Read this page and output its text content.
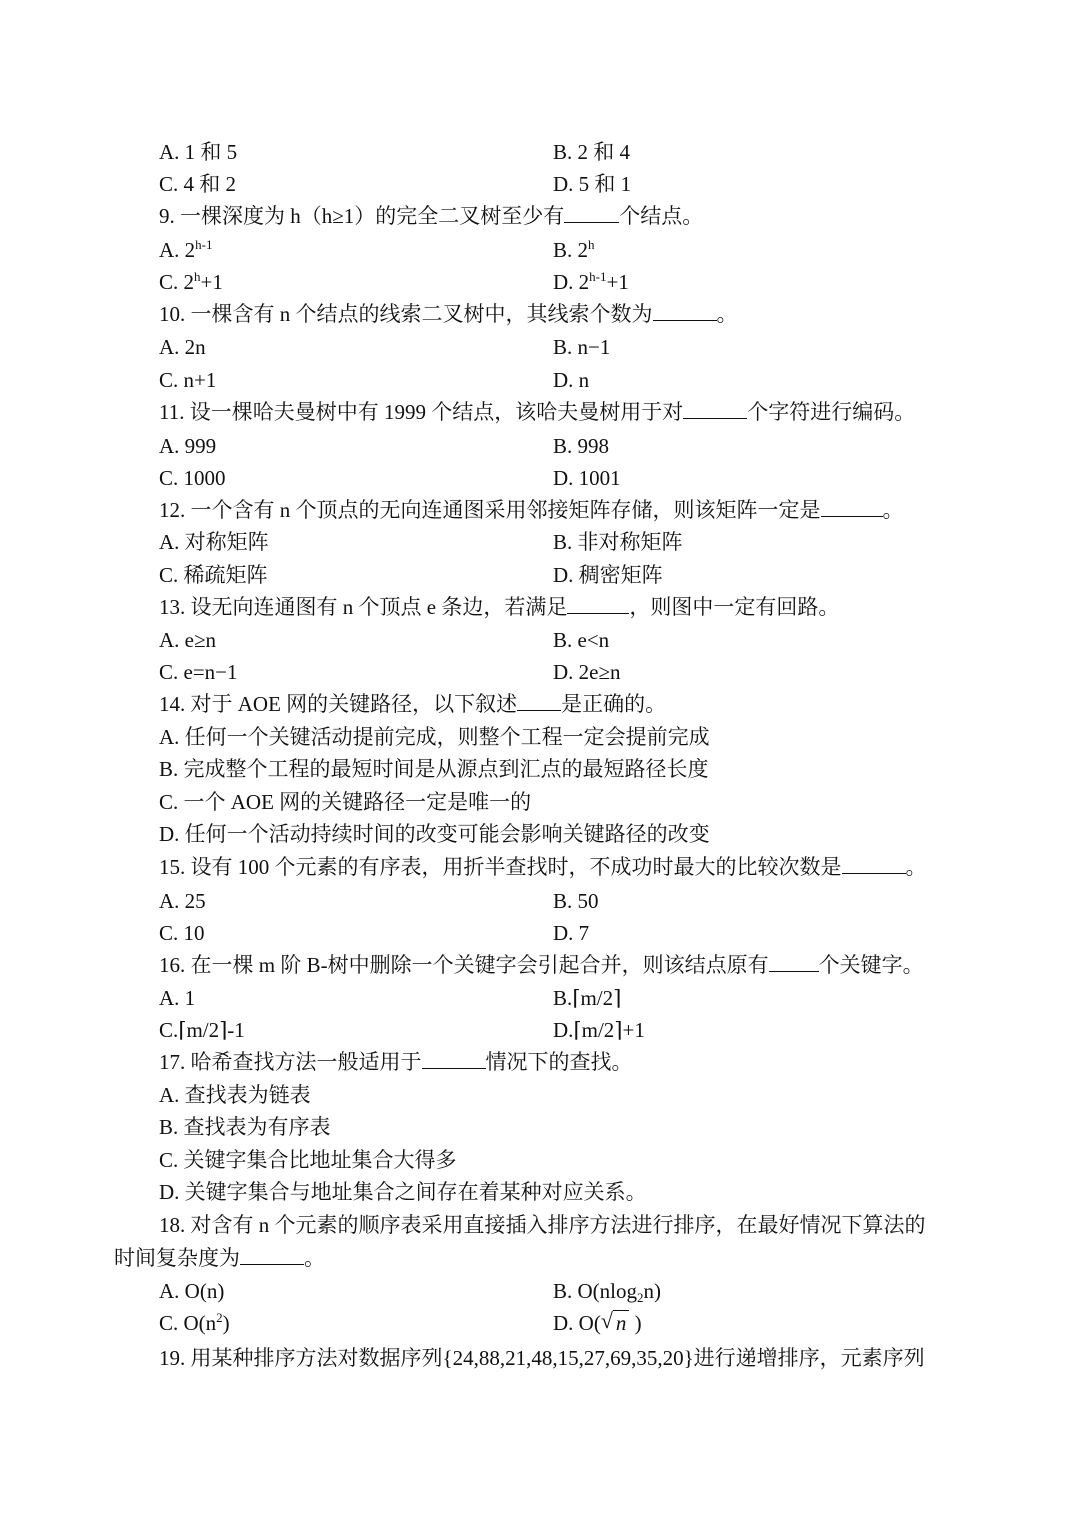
A. 1 和 5	B. 2 和 4
C. 4 和 2	D. 5 和 1
9. 一棵深度为 h（h≥1）的完全二叉树至少有	个结点。
A. 2$^{h-1}$	B. 2$^h$
C. $2^h+1$	D. $2^{h-1}+1$
10. 一棵含有 n 个结点的线索二叉树中，其线索个数为	。
A. 2n	B. n−1
C. n+1	D. n
11. 设一棵哈夫曼树中有 1999 个结点，该哈夫曼树用于对	个字符进行编码。
A. 999	B. 998
C. 1000	D. 1001
12. 一个含有 n 个顶点的无向连通图采用邻接矩阵存储，则该矩阵一定是	。
A. 对称矩阵	B. 非对称矩阵
C. 稀疏矩阵	D. 稠密矩阵
13. 设无向连通图有 n 个顶点 e 条边，若满足	，则图中一定有回路。
A. e≥n	B. e<n
C. e=n−1	D. 2e≥n
14. 对于 AOE 网的关键路径，以下叙述 是正确的。
A. 任何一个关键活动提前完成，则整个工程一定会提前完成
B. 完成整个工程的最短时间是从源点到汇点的最短路径长度
C. 一个 AOE 网的关键路径一定是唯一的
D. 任何一个活动持续时间的改变可能会影响关键路径的改变
15. 设有 100 个元素的有序表，用折半查找时，不成功时最大的比较次数是	。
A. 25	B. 50
C. 10	D. 7
16. 在一棵 m 阶 B-树中删除一个关键字会引起合并，则该结点原有 个关键字。
A. 1	B.⌈m/2⌉
C.⌈m/2⌉-1	D.⌈m/2⌉+1
17. 哈希查找方法一般适用于	情况下的查找。
A. 查找表为链表
B. 查找表为有序表
C. 关键字集合比地址集合大得多
D. 关键字集合与地址集合之间存在着某种对应关系。
18. 对含有 n 个元素的顺序表采用直接插入排序方法进行排序，在最好情况下算法的
时间复杂度为	。
A. O(n)	B. O(nlog$_2$n)
C. $O(n^2)$	D. O( √ n )
19. 用某种排序方法对数据序列{24,88,21,48,15,27,69,35,20}进行递增排序，元素序列
